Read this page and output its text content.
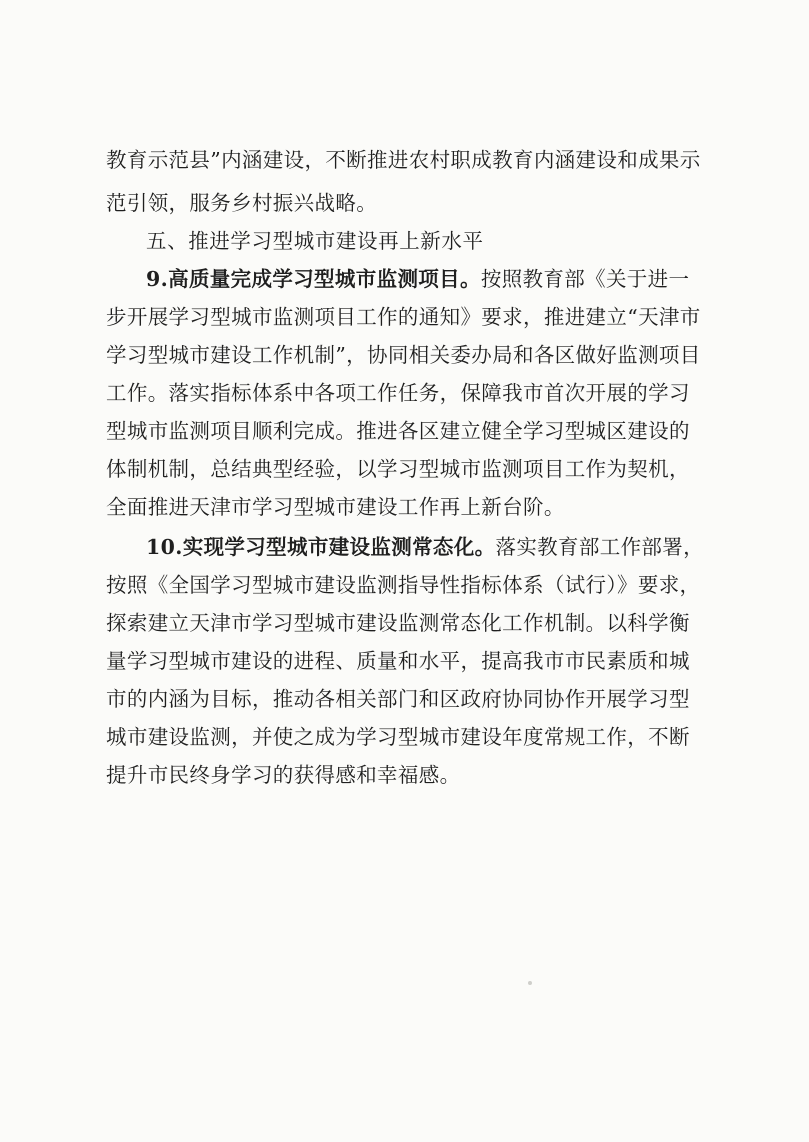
教育示范县”内涵建设，不断推进农村职成教育内涵建设和成果示
范引领，服务乡村振兴战略。
五、推进学习型城市建设再上新水平
9.高质量完成学习型城市监测项目。按照教育部《关于进一
步开展学习型城市监测项目工作的通知》要求，推进建立“天津市
学习型城市建设工作机制”，协同相关委办局和各区做好监测项目
工作。落实指标体系中各项工作任务，保障我市首次开展的学习
型城市监测项目顺利完成。推进各区建立健全学习型城区建设的
体制机制，总结典型经验，以学习型城市监测项目工作为契机，
全面推进天津市学习型城市建设工作再上新台阶。
10.实现学习型城市建设监测常态化。落实教育部工作部署，
按照《全国学习型城市建设监测指导性指标体系（试行）》要求，
探索建立天津市学习型城市建设监测常态化工作机制。以科学衡
量学习型城市建设的进程、质量和水平，提高我市市民素质和城
市的内涵为目标，推动各相关部门和区政府协同协作开展学习型
城市建设监测，并使之成为学习型城市建设年度常规工作，不断
提升市民终身学习的获得感和幸福感。
